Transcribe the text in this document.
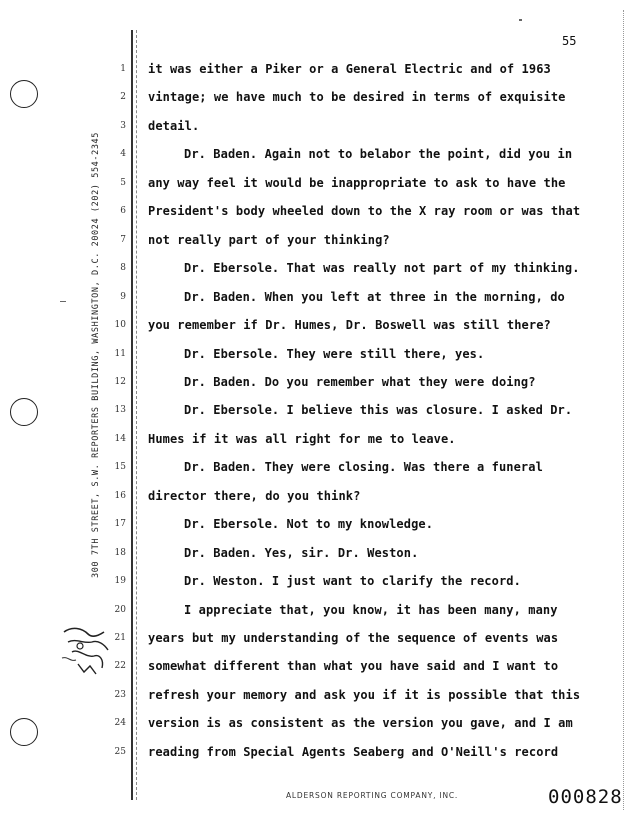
300 7TH STREET, S.W. REPORTERS BUILDING, WASHINGTON, D.C. 20024 (202) 554-2345
55
1 it was either a Piker or a General Electric and of 1963
2 vintage; we have much to be desired in terms of exquisite
3 detail.
4	Dr. Baden. Again not to belabor the point, did you in
5 any way feel it would be inappropriate to ask to have the
6 President's body wheeled down to the X ray room or was that
7 not really part of your thinking?
8	Dr. Ebersole. That was really not part of my thinking.
9	Dr. Baden. When you left at three in the morning, do
10 you remember if Dr. Humes, Dr. Boswell was still there?
11	Dr. Ebersole. They were still there, yes.
12	Dr. Baden. Do you remember what they were doing?
13	Dr. Ebersole. I believe this was closure. I asked Dr.
14 Humes if it was all right for me to leave.
15	Dr. Baden. They were closing. Was there a funeral
16 director there, do you think?
17	Dr. Ebersole. Not to my knowledge.
18	Dr. Baden. Yes, sir. Dr. Weston.
19	Dr. Weston. I just want to clarify the record.
20	I appreciate that, you know, it has been many, many
21 years but my understanding of the sequence of events was
22 somewhat different than what you have said and I want to
23 refresh your memory and ask you if it is possible that this
24 version is as consistent as the version you gave, and I am
25 reading from Special Agents Seaberg and O'Neill's record
ALDERSON REPORTING COMPANY, INC.	000828
